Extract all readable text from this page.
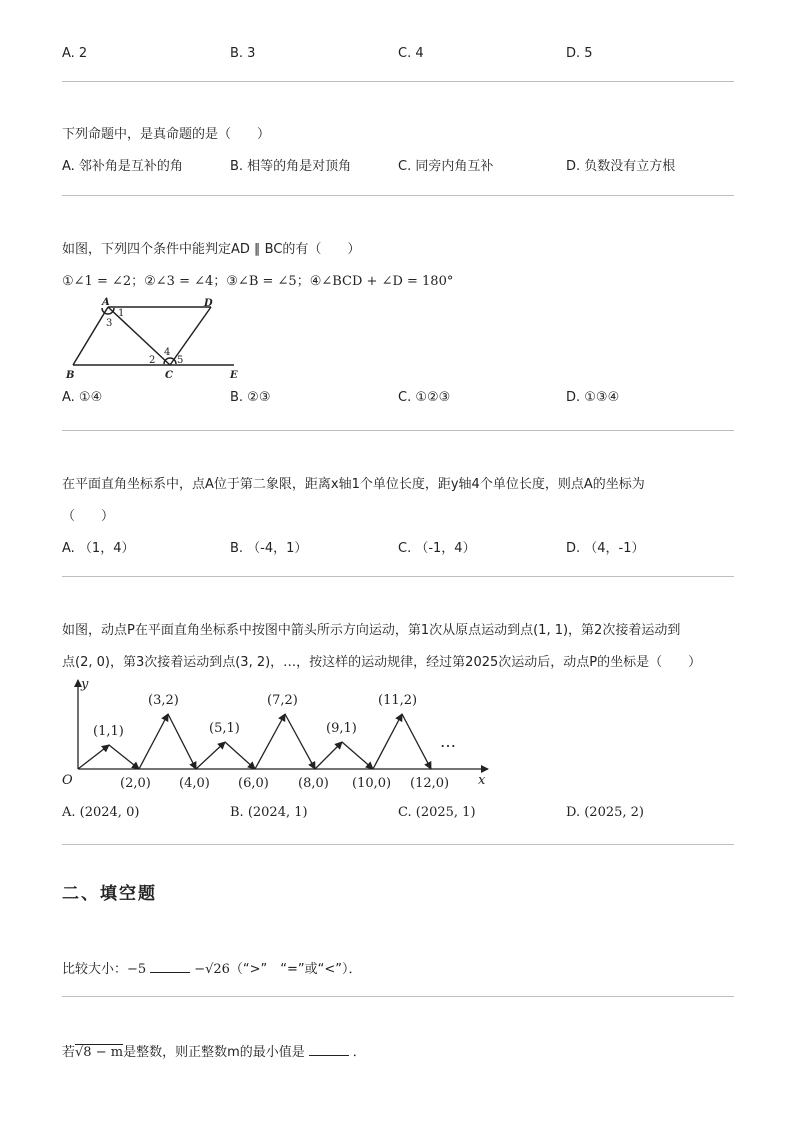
A. 2	B. 3	C. 4	D. 5
下列命题中，是真命题的是（　　）
A. 邻补角是互补的角	B. 相等的角是对顶角	C. 同旁内角互补	D. 负数没有立方根
如图，下列四个条件中能判定AD ∥ BC的有（　　）
①∠1 = ∠2；②∠3 = ∠4；③∠B = ∠5；④∠BCD + ∠D = 180°
A	D
B	C	E
1
3
2
4
5
A. ①④	B. ②③	C. ①②③	D. ①③④
在平面直角坐标系中，点A位于第二象限，距离x轴1个单位长度，距y轴4个单位长度，则点A的坐标为
（　　）
A. （1，4）	B. （-4，1）	C. （-1，4）	D. （4，-1）
如图，动点P在平面直角坐标系中按图中箭头所示方向运动，第1次从原点运动到点(1, 1)，第2次接着运动到
点(2, 0)，第3次接着运动到点(3, 2)，…，按这样的运动规律，经过第2025次运动后，动点P的坐标是（　　）
y
x
O
(1,1)
(3,2)
(5,1)
(7,2)
(9,1)
(11,2)
(2,0) (4,0) (6,0) (8,0) (10,0) (12,0)
…
A. (2024, 0)	B. (2024, 1)	C. (2025, 1)	D. (2025, 2)
二、填空题
比较大小：−5	−√26（“>”　“=”或“<”）．
若√8 − m是整数，则正整数m的最小值是	．
